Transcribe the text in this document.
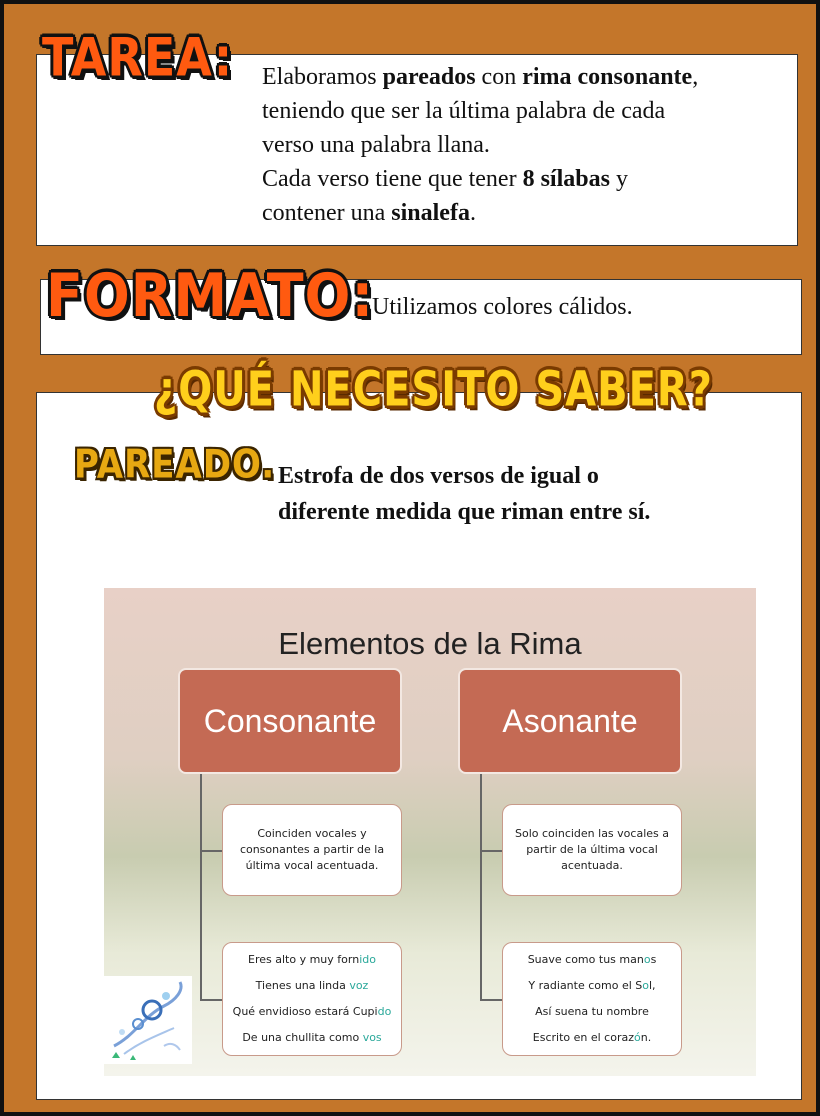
TAREA: Elaboramos pareados con rima consonante,
teniendo que ser la última palabra de cada
verso una palabra llana.
Cada verso tiene que tener 8 sílabas y
contener una sinalefa.
FORMATO:
Utilizamos colores cálidos.
¿QUÉ NECESITO SABER?
PAREADO. Estrofa de dos versos de igual o
diferente medida que riman entre sí.
Elementos de la Rima
Consonante	Asonante
Coinciden vocales y
consonantes a partir de la
última vocal acentuada.
Eres alto y muy fornido
Tienes una linda voz
Qué envidioso estará Cupido
De una chullita como vos
Solo coinciden las vocales a
partir de la última vocal
acentuada.
Suave como tus manos
Y radiante como el Sol,
Así suena tu nombre
Escrito en el corazón.
